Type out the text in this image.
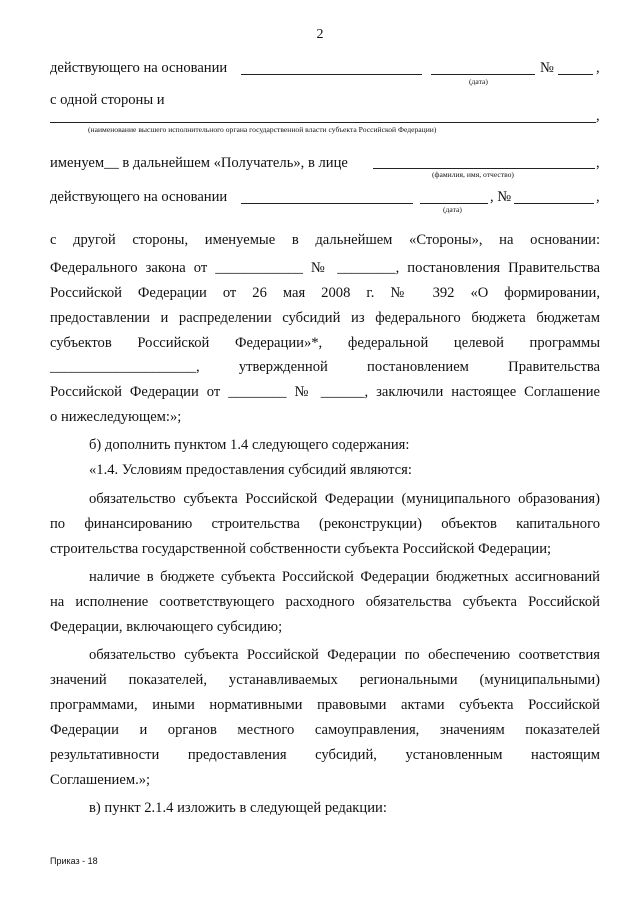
2
действующего на основании
(дата)
№	,
с одной стороны и
,
(наименование высшего исполнительного органа государственной власти субъекта Российской Федерации)
именуем__ в дальнейшем «Получатель», в лице	,
(фамилия, имя, отчество)
действующего на основании
(дата)
, №	,
с другой стороны, именуемые в дальнейшем «Стороны», на основании:
Федерального закона от ____________ № ________, постановления Правительства
Российской Федерации от 26 мая 2008 г. № 392 «О формировании,
предоставлении и распределении субсидий из федерального бюджета бюджетам
субъектов Российской Федерации»*, федеральной целевой программы
____________________, утвержденной постановлением Правительства
Российской Федерации от ________ № ______, заключили настоящее Соглашение
о нижеследующем:»;
б) дополнить пунктом 1.4 следующего содержания:
«1.4. Условиям предоставления субсидий являются:
обязательство субъекта Российской Федерации (муниципального образования)
по финансированию строительства (реконструкции) объектов капитального
строительства государственной собственности субъекта Российской Федерации;
наличие в бюджете субъекта Российской Федерации бюджетных ассигнований
на исполнение соответствующего расходного обязательства субъекта Российской
Федерации, включающего субсидию;
обязательство субъекта Российской Федерации по обеспечению соответствия
значений показателей, устанавливаемых региональными (муниципальными)
программами, иными нормативными правовыми актами субъекта Российской
Федерации и органов местного самоуправления, значениям показателей
результативности предоставления субсидий, установленным настоящим
Соглашением.»;
в) пункт 2.1.4 изложить в следующей редакции:
Приказ - 18
